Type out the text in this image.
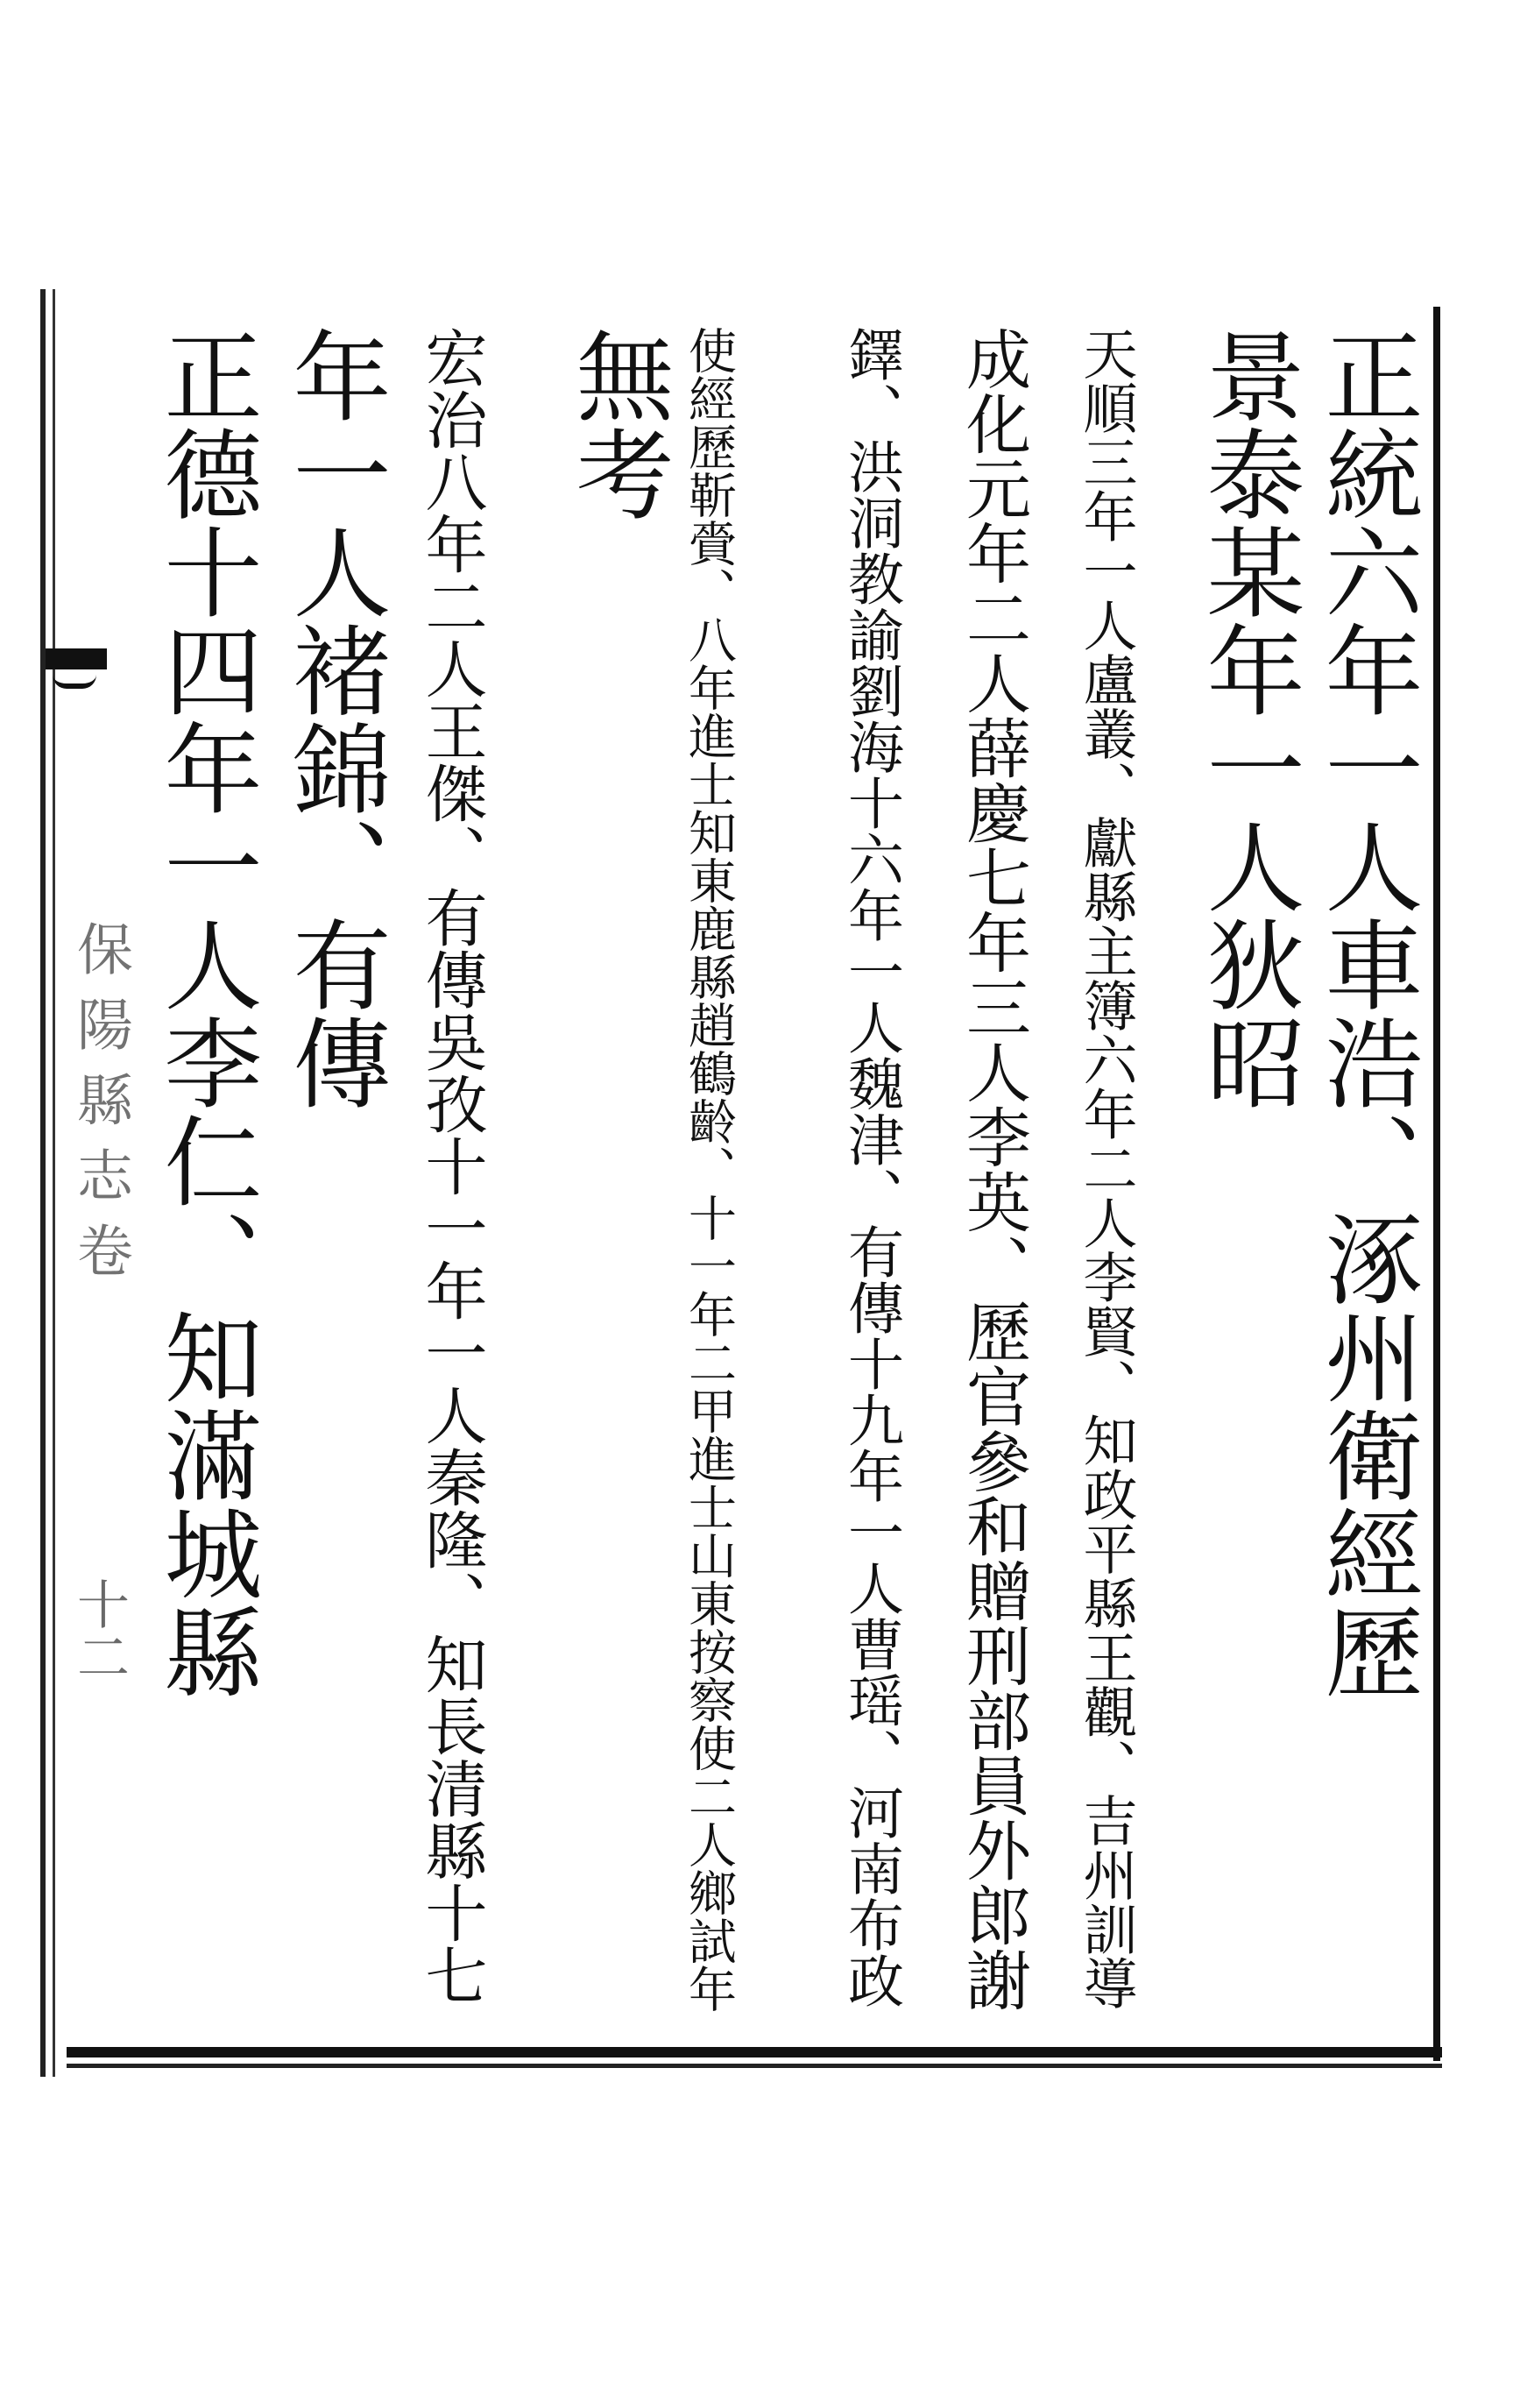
保陽縣志卷
十二	正統六年一人車浩、涿州衛經歷
景泰某年一人狄昭
天順三年一人盧叢、獻縣主簿六年二人李賢、知政平縣王觀、吉州訓導
成化元年二人薛慶七年三人李英、歷官參和贈刑部員外郎謝
鐸、洪洞教諭劉海十六年一人魏津、有傳十九年一人曹瑶、河南布政
使經歷靳賫、八年進士知東鹿縣趙鶴齡、十一年二甲進士山東按察使二人鄉試年
無考
宏治八年二人王傑、有傳吳孜十一年一人秦隆、知長清縣十七
年一人褚錦、有傳
正德十四年一人李仁、知滿城縣
